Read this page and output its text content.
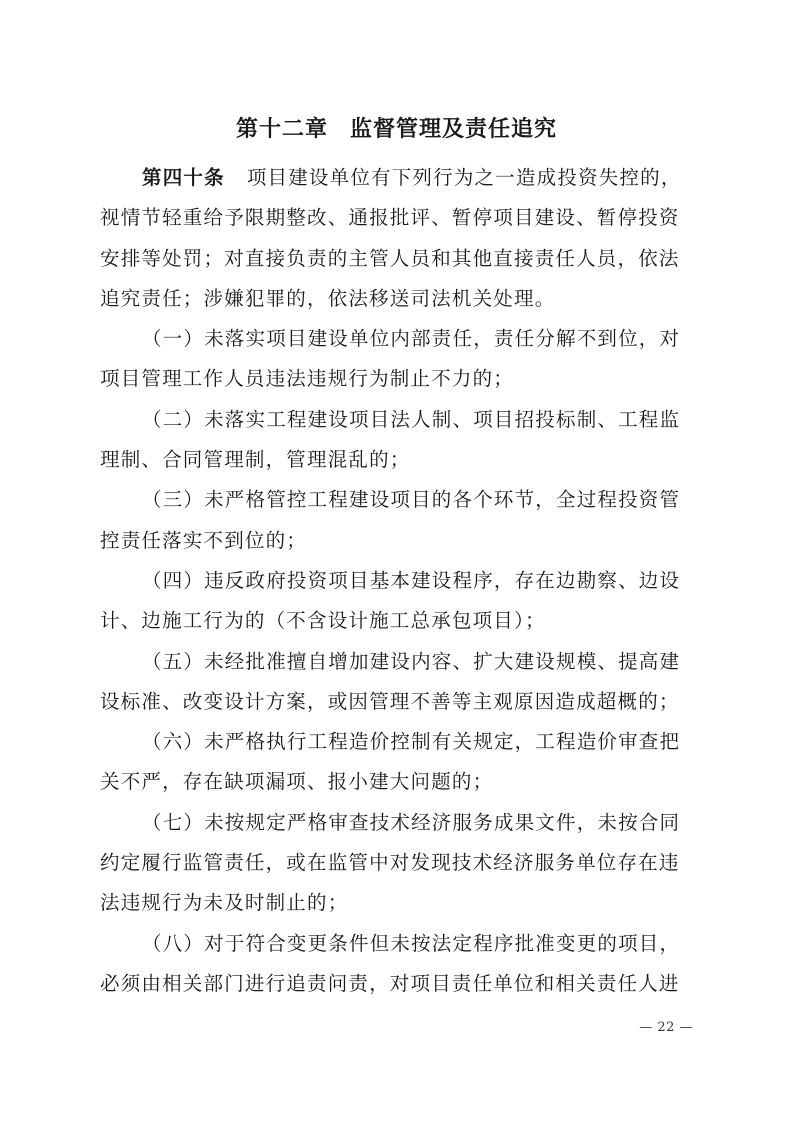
第十二章 监督管理及责任追究
第四十条 项目建设单位有下列行为之一造成投资失控的，
视情节轻重给予限期整改、通报批评、暂停项目建设、暂停投资
安排等处罚；对直接负责的主管人员和其他直接责任人员，依法
追究责任；涉嫌犯罪的，依法移送司法机关处理。
（一）未落实项目建设单位内部责任，责任分解不到位，对
项目管理工作人员违法违规行为制止不力的；
（二）未落实工程建设项目法人制、项目招投标制、工程监
理制、合同管理制，管理混乱的；
（三）未严格管控工程建设项目的各个环节，全过程投资管
控责任落实不到位的；
（四）违反政府投资项目基本建设程序，存在边勘察、边设
计、边施工行为的（不含设计施工总承包项目）；
（五）未经批准擅自增加建设内容、扩大建设规模、提高建
设标准、改变设计方案，或因管理不善等主观原因造成超概的；
（六）未严格执行工程造价控制有关规定，工程造价审查把
关不严，存在缺项漏项、报小建大问题的；
（七）未按规定严格审查技术经济服务成果文件，未按合同
约定履行监管责任，或在监管中对发现技术经济服务单位存在违
法违规行为未及时制止的；
（八）对于符合变更条件但未按法定程序批准变更的项目，
必须由相关部门进行追责问责，对项目责任单位和相关责任人进
— 22 —
